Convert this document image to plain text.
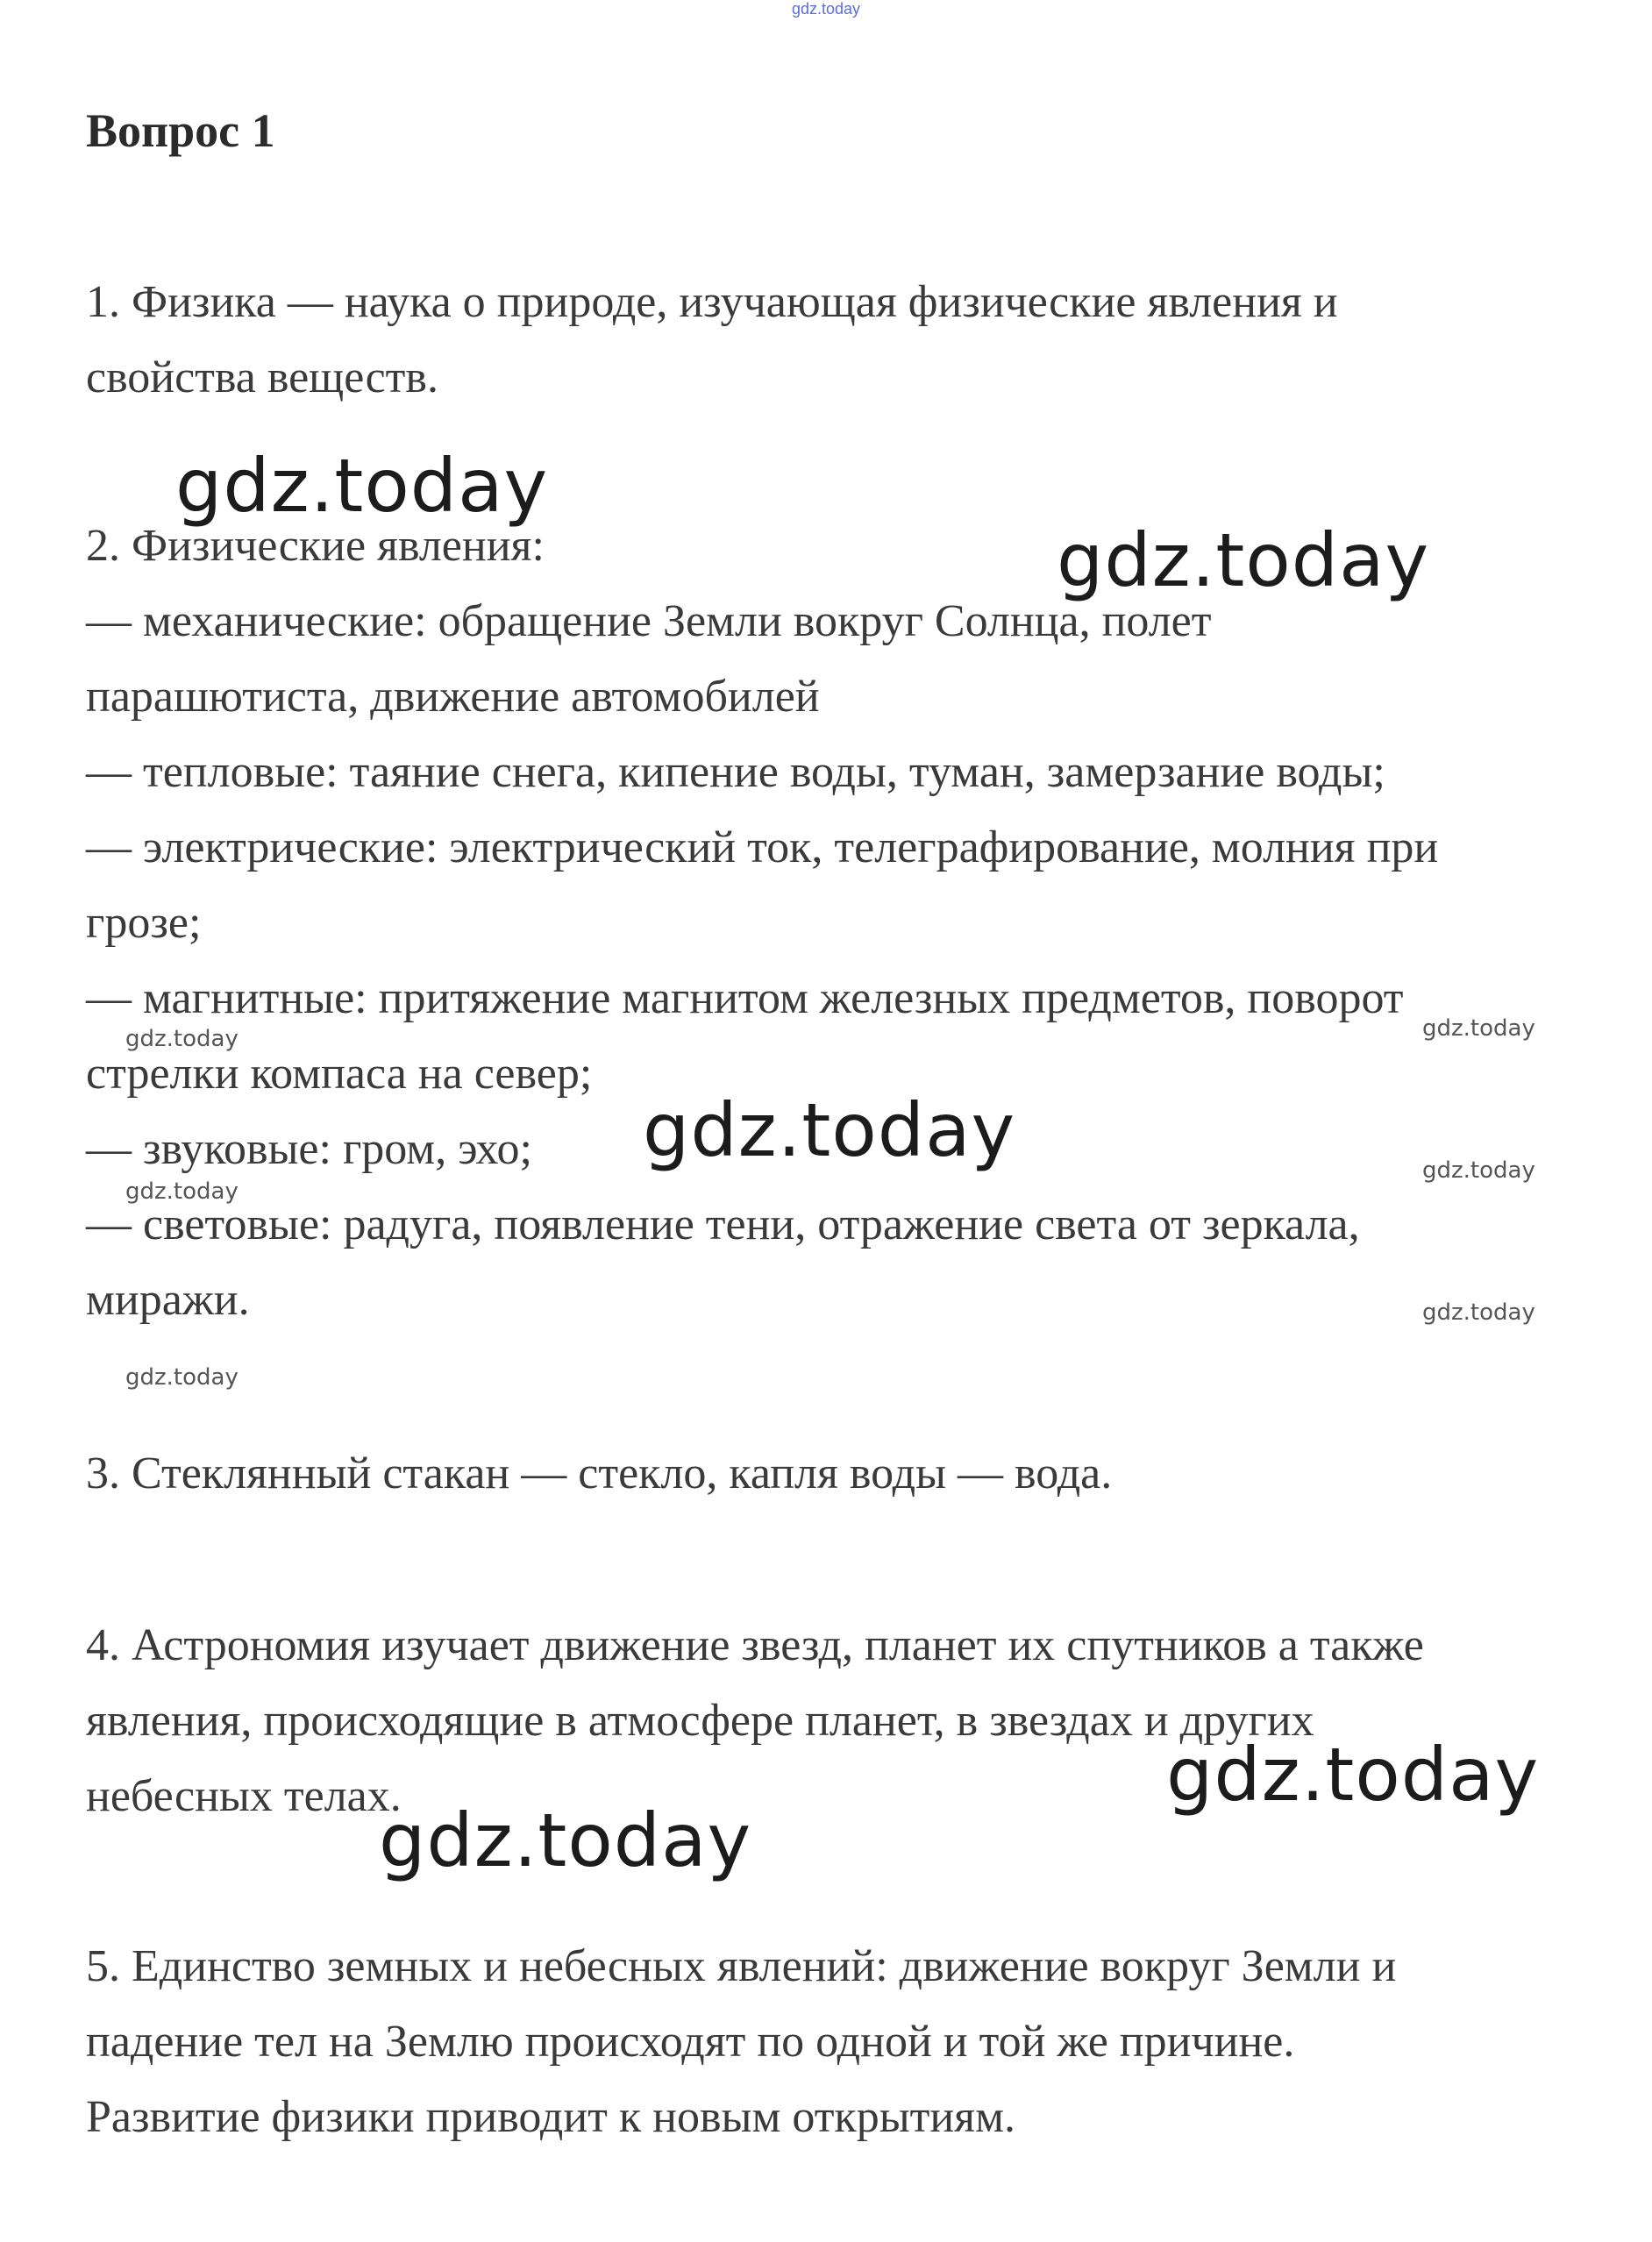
gdz.today
Вопрос 1
1. Физика — наука о природе, изучающая физические явления и
свойства веществ.
2. Физические явления:
— механические: обращение Земли вокруг Солнца, полет
парашютиста, движение автомобилей
— тепловые: таяние снега, кипение воды, туман, замерзание воды;
— электрические: электрический ток, телеграфирование, молния при
грозе;
— магнитные: притяжение магнитом железных предметов, поворот
стрелки компаса на север;
— звуковые: гром, эхо;
— световые: радуга, появление тени, отражение света от зеркала,
миражи.
3. Стеклянный стакан — стекло, капля воды — вода.
4. Астрономия изучает движение звезд, планет их спутников а также
явления, происходящие в атмосфере планет, в звездах и других
небесных телах.
5. Единство земных и небесных явлений: движение вокруг Земли и
падение тел на Землю происходят по одной и той же причине.
Развитие физики приводит к новым открытиям.
gdz.today
gdz.today
gdz.today
gdz.today
gdz.today
gdz.today	gdz.today
gdz.today
gdz.today
gdz.today
gdz.today
